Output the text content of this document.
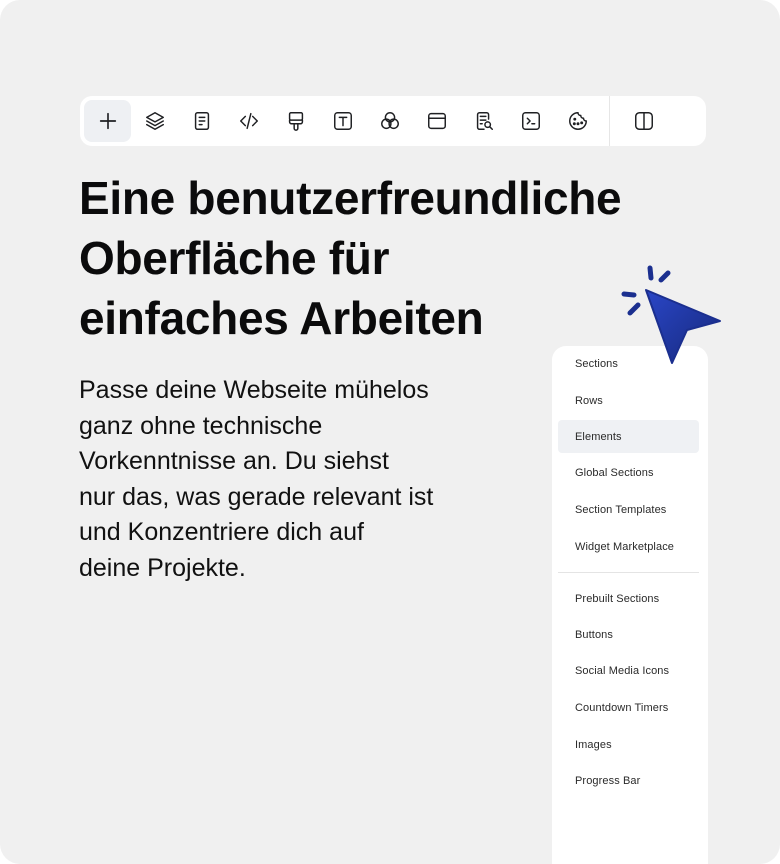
Eine benutzerfreundliche
Oberfläche für
einfaches Arbeiten
Passe deine Webseite mühelos
ganz ohne technische
Vorkenntnisse an. Du siehst
nur das, was gerade relevant ist
und Konzentriere dich auf
deine Projekte.
Sections
Rows
Elements
Global Sections
Section Templates
Widget Marketplace
Prebuilt Sections
Buttons
Social Media Icons
Countdown Timers
Images
Progress Bar
